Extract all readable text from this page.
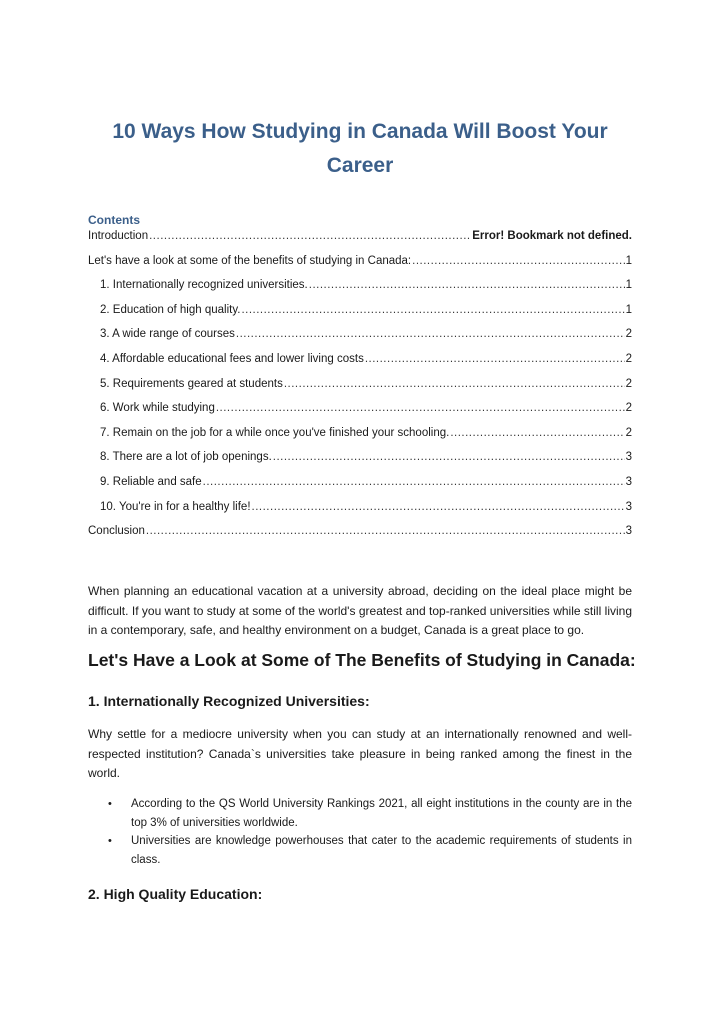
10 Ways How Studying in Canada Will Boost Your Career
Contents
Introduction .....	Error! Bookmark not defined.
Let's have a look at some of the benefits of studying in Canada: .....	1
1. Internationally recognized universities. .....	1
2. Education of high quality. .....	1
3. A wide range of courses .....	2
4. Affordable educational fees and lower living costs .....	2
5. Requirements geared at students .....	2
6. Work while studying .....	2
7. Remain on the job for a while once you've finished your schooling. .....	2
8. There are a lot of job openings. .....	3
9. Reliable and safe .....	3
10. You're in for a healthy life! .....	3
Conclusion .....	3
When planning an educational vacation at a university abroad, deciding on the ideal place might be difficult. If you want to study at some of the world's greatest and top-ranked universities while still living in a contemporary, safe, and healthy environment on a budget, Canada is a great place to go.
Let's Have a Look at Some of The Benefits of Studying in Canada:
1. Internationally Recognized Universities:
Why settle for a mediocre university when you can study at an internationally renowned and well-respected institution? Canada`s universities take pleasure in being ranked among the finest in the world.
• According to the QS World University Rankings 2021, all eight institutions in the county are in the top 3% of universities worldwide.
• Universities are knowledge powerhouses that cater to the academic requirements of students in class.
2. High Quality Education:
